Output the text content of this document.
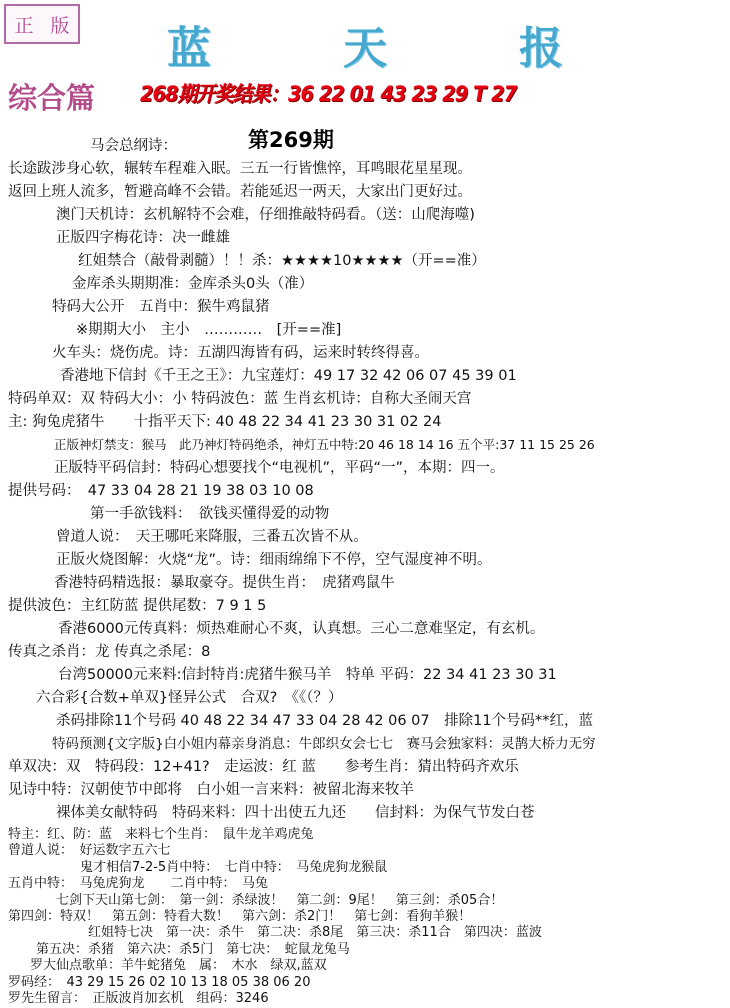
正 版	蓝　天　报
综合篇 268期开奖结果：36 22 01 43 23 29 T 27
第269期
马会总纲诗：
长途跋涉身心软，辗转车程难入眠。三五一行皆憔悴，耳鸣眼花星星现。
返回上班人流多，暂避高峰不会错。若能延迟一两天，大家出门更好过。
澳门天机诗：玄机解特不会难，仔细推敲特码看。（送：山爬海噬)
正版四字梅花诗：决一雌雄
红姐禁合（敲骨剥髓）！！杀：★★★★10★★★★（开==准）
金库杀头期期准：金库杀头0头（准）
特码大公开　五肖中：猴牛鸡鼠猪
※期期大小　主小　…………　[开==准]
火车头：烧伤虎。诗：五湖四海皆有码，运来时转终得喜。
香港地下信封《千王之王》：九宝莲灯：49 17 32 42 06 07 45 39 01
特码单双：双 特码大小：小 特码波色：蓝 生肖玄机诗：自称大圣闹天宫
主: 狗兔虎猪牛　　十指平天下: 40 48 22 34 41 23 30 31 02 24
正版神灯禁支：猴马　此乃神灯特码绝杀，神灯五中特:20 46 18 14 16 五个平:37 11 15 25 26
正版特平码信封：特码心想要找个“电视机”，平码“一”，本期：四一。
提供号码：　47 33 04 28 21 19 38 03 10 08
第一手欲钱料：　欲钱买懂得爱的动物
曾道人说：　天王哪吒来降服，三番五次皆不从。
正版火烧图解：火烧“龙”。诗：细雨绵绵下不停，空气湿度神不明。
香港特码精选报：暴取豪夺。提供生肖：　虎猪鸡鼠牛
提供波色：主红防蓝 提供尾数：7 9 1 5
香港6000元传真料：烦热难耐心不爽，认真想。三心二意难坚定，有玄机。
传真之杀肖：龙 传真之杀尾：8
台湾50000元来料:信封特肖:虎猪牛猴马羊　特单 平码：22 34 41 23 30 31
六合彩{合数+单双}怪异公式　合双?　《《（？）
杀码排除11个号码 40 48 22 34 47 33 04 28 42 06 07　排除11个号码**红，蓝
特码预测{文字版}白小姐内幕亲身消息：牛郎织女会七七　赛马会独家料：灵鹊大桥力无穷
单双决：双　特码段：12+41?　走运波：红 蓝　　参考生肖：猜出特码齐欢乐
见诗中特：汉朝使节中郎将　白小姐一言来料：被留北海来牧羊
裸体美女献特码　特码来料：四十出使五九还　　信封料：为保气节发白苍
特主：红、防：蓝　来料七个生肖：　鼠牛龙羊鸡虎兔
曾道人说：　好运数字五六七
鬼才相信7-2-5肖中特：　七肖中特：　马兔虎狗龙猴鼠
五肖中特：　马兔虎狗龙　　二肖中特：　马兔
七剑下天山第七剑：　第一剑：杀绿波！　第二剑：9尾！　第三剑：杀05合！
第四剑：特双！　第五剑：特看大数！　第六剑：杀2门！　第七剑：看狗羊猴！
红姐特七决　第一决：杀牛　第二决：杀8尾　第三决：杀11合　第四决：蓝波
第五决：杀猪　第六决：杀5门　第七决：　蛇鼠龙兔马
罗大仙点歌单：羊牛蛇猪兔　属：　木水　绿双,蓝双
罗码经：　43 29 15 26 02 10 13 18 05 38 06 20
罗先生留言：　正版波肖加玄机　组码：3246
